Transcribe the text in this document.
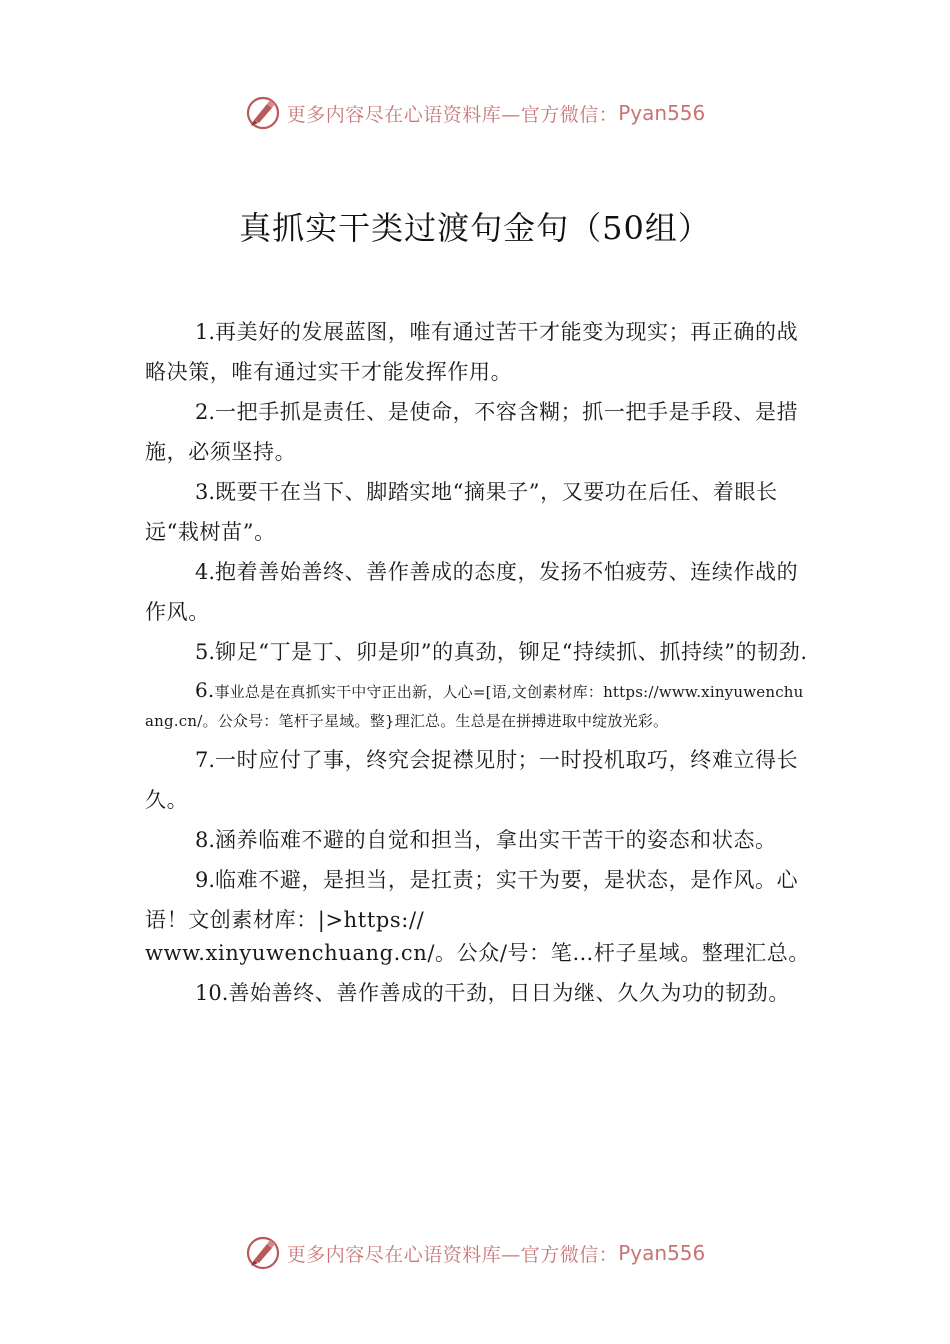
更多内容尽在心语资料库—官方微信： Pyan556
真抓实干类过渡句金句（50组）

1.再美好的发展蓝图，唯有通过苦干才能变为现实；再正确的战略决策，唯有通过实干才能发挥作用。

2.一把手抓是责任、是使命，不容含糊；抓一把手是手段、是措施，必须坚持。

3.既要干在当下、脚踏实地“摘果子”，又要功在后任、着眼长远“栽树苗”。

4.抱着善始善终、善作善成的态度，发扬不怕疲劳、连续作战的作风。

5.铆足“丁是丁、卯是卯”的真劲，铆足“持续抓、抓持续”的韧劲.

6.事业总是在真抓实干中守正出新，人心=[语,文创素材库：https://www.xinyuwenchuang.cn/。公众号：笔杆子星域。整}理汇总。生总是在拼搏进取中绽放光彩。

7.一时应付了事，终究会捉襟见肘；一时投机取巧，终难立得长久。

8.涵养临难不避的自觉和担当，拿出实干苦干的姿态和状态。

9.临难不避，是担当，是扛责；实干为要，是状态，是作风。心语！文创素材库：|>https://
www.xinyuwenchuang.cn/。公众/号：笔…杆子星域。整理汇总。

10.善始善终、善作善成的干劲，日日为继、久久为功的韧劲。

更多内容尽在心语资料库—官方微信： Pyan556
